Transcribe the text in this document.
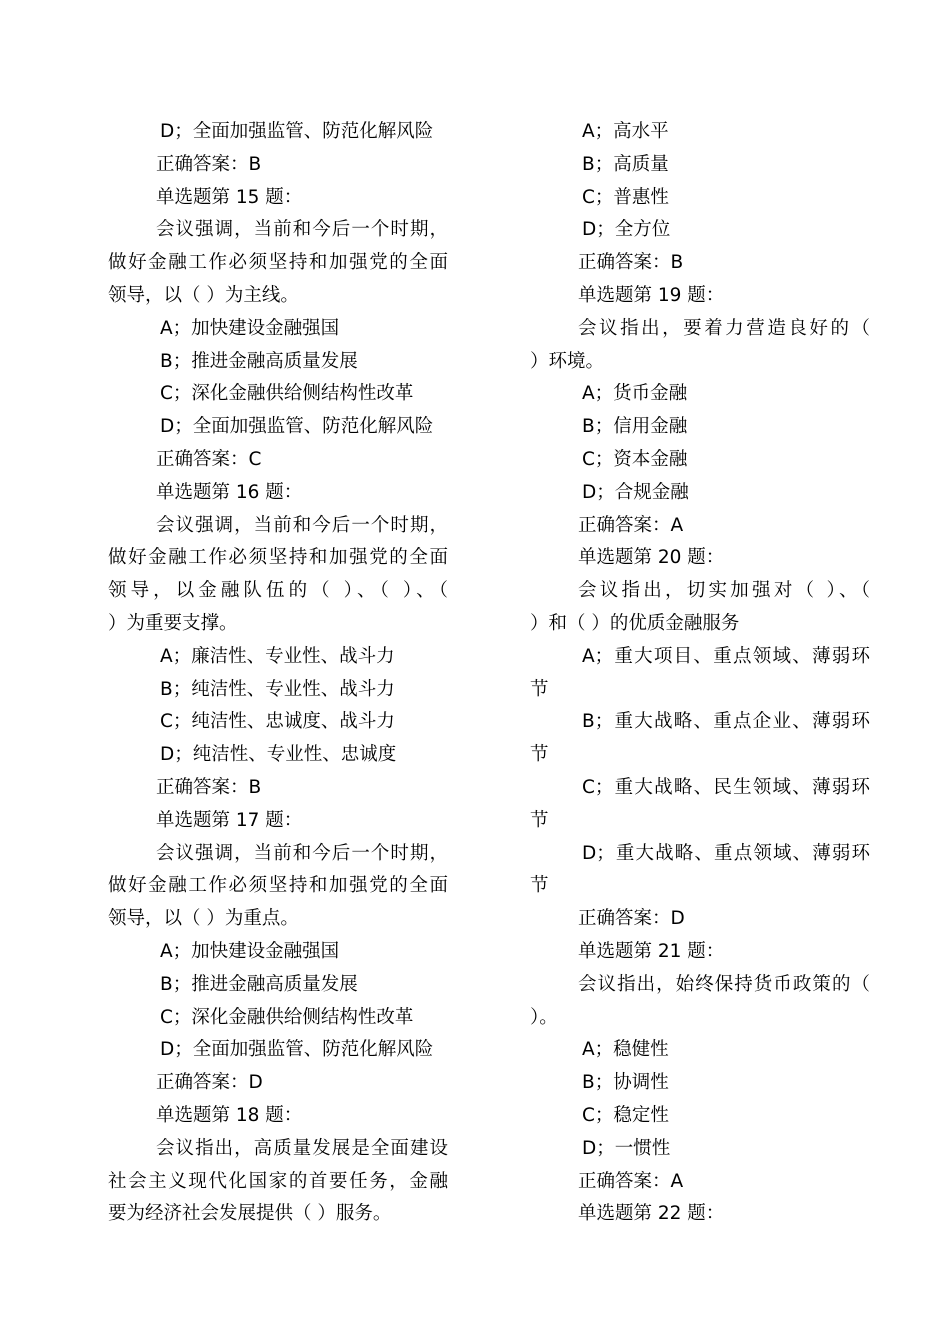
D；全面加强监管、防范化解风险
正确答案：B
单选题第 15 题：
会议强调，当前和今后一个时期，
做好金融工作必须坚持和加强党的全面
领导，以（ ）为主线。
A；加快建设金融强国
B；推进金融高质量发展
C；深化金融供给侧结构性改革
D；全面加强监管、防范化解风险
正确答案：C
单选题第 16 题：
会议强调，当前和今后一个时期，
做好金融工作必须坚持和加强党的全面
领导，以金融队伍的（ ）、（ ）、（
）为重要支撑。
A；廉洁性、专业性、战斗力
B；纯洁性、专业性、战斗力
C；纯洁性、忠诚度、战斗力
D；纯洁性、专业性、忠诚度
正确答案：B
单选题第 17 题：
会议强调，当前和今后一个时期，
做好金融工作必须坚持和加强党的全面
领导，以（ ）为重点。
A；加快建设金融强国
B；推进金融高质量发展
C；深化金融供给侧结构性改革
D；全面加强监管、防范化解风险
正确答案：D
单选题第 18 题：
会议指出，高质量发展是全面建设
社会主义现代化国家的首要任务，金融
要为经济社会发展提供（ ）服务。
A；高水平
B；高质量
C；普惠性
D；全方位
正确答案：B
单选题第 19 题：
会议指出，要着力营造良好的（
）环境。
A；货币金融
B；信用金融
C；资本金融
D；合规金融
正确答案：A
单选题第 20 题：
会议指出，切实加强对（ ）、（
）和（ ）的优质金融服务
A；重大项目、重点领域、薄弱环
节
B；重大战略、重点企业、薄弱环
节
C；重大战略、民生领域、薄弱环
节
D；重大战略、重点领域、薄弱环
节
正确答案：D
单选题第 21 题：
会议指出，始终保持货币政策的（
）。
A；稳健性
B；协调性
C；稳定性
D；一惯性
正确答案：A
单选题第 22 题：
